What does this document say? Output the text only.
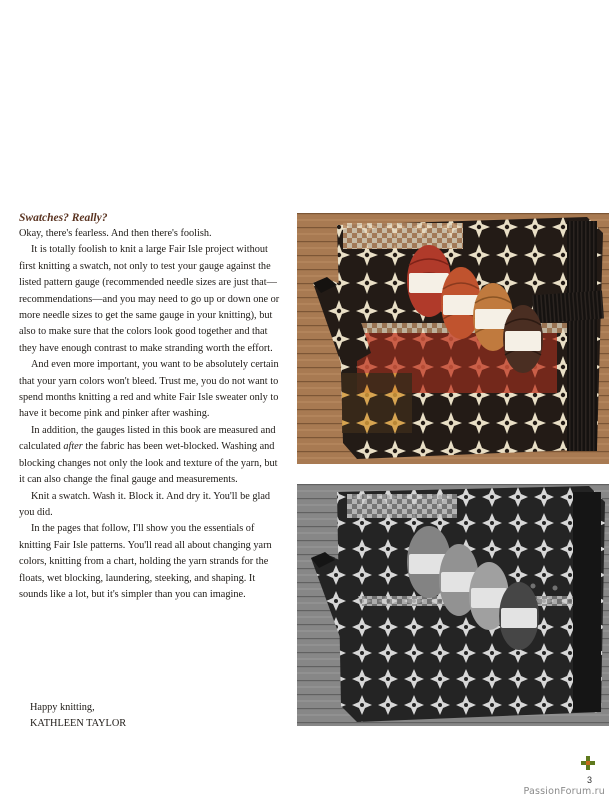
Swatches? Really?

Okay, there's fearless. And then there's foolish.

It is totally foolish to knit a large Fair Isle project without first knitting a swatch, not only to test your gauge against the listed pattern gauge (recommended needle sizes are just that—recommendations—and you may need to go up or down one or more needle sizes to get the same gauge in your knitting), but also to make sure that the colors look good together and that they have enough contrast to make stranding worth the effort.

And even more important, you want to be absolutely certain that your yarn colors won't bleed. Trust me, you do not want to spend months knitting a red and white Fair Isle sweater only to have it become pink and pinker after washing.

In addition, the gauges listed in this book are measured and calculated after the fabric has been wet-blocked. Washing and blocking changes not only the look and texture of the yarn, but it can also change the final gauge and measurements.

Knit a swatch. Wash it. Block it. And dry it. You'll be glad you did.

In the pages that follow, I'll show you the essentials of knitting Fair Isle patterns. You'll read all about changing yarn colors, knitting from a chart, holding the yarn strands for the floats, wet blocking, laundering, steeking, and shaping. It sounds like a lot, but it's simpler than you can imagine.

Happy knitting,
KATHLEEN TAYLOR
3
PassionForum.ru
